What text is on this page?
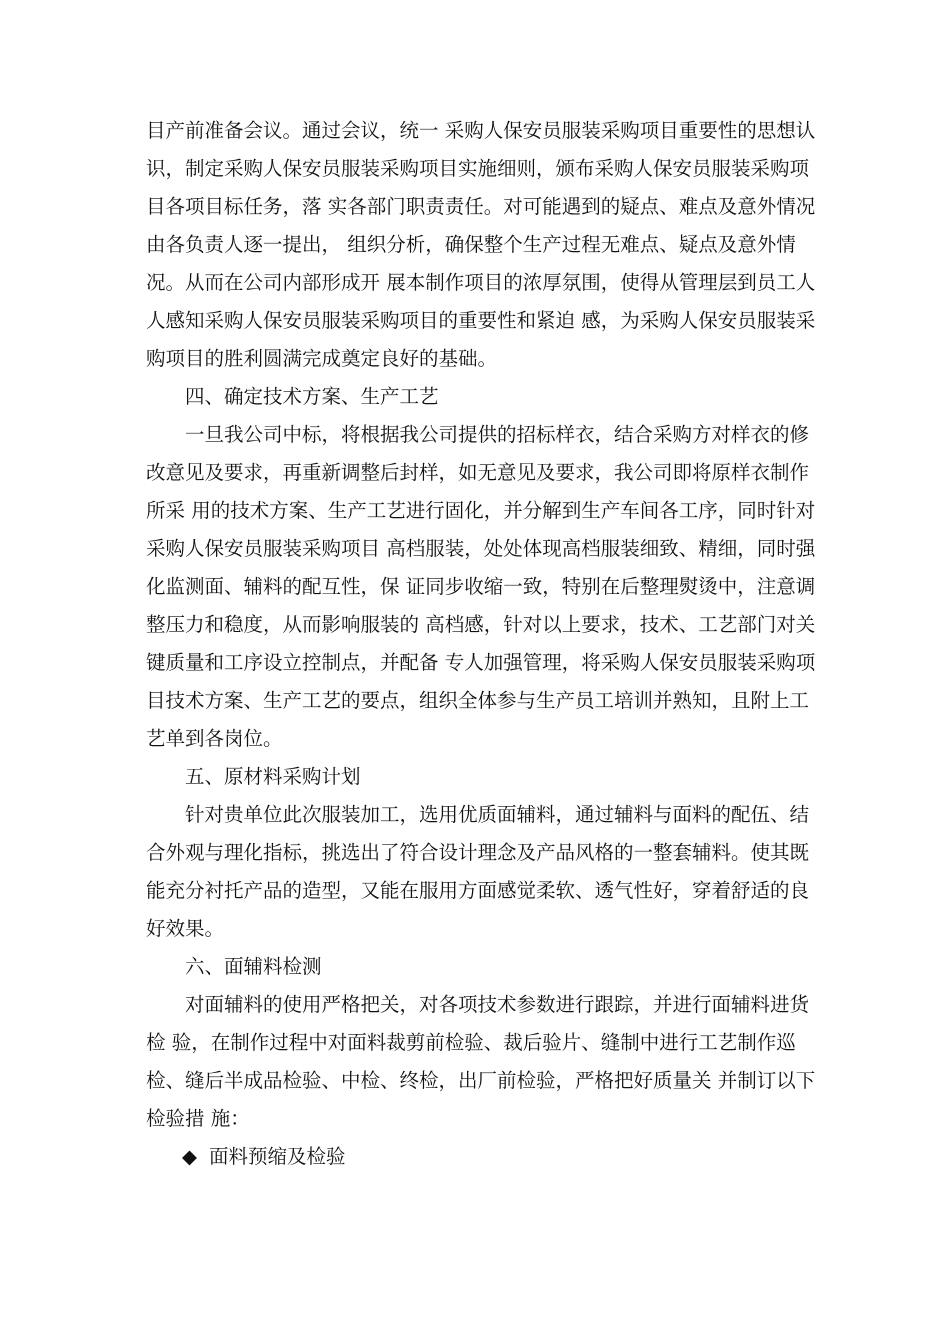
目产前准备会议。通过会议，统一 采购人保安员服装采购项目重要性的思想认
识，制定采购人保安员服装采购项目实施细则，颁布采购人保安员服装采购项
目各项目标任务，落 实各部门职责责任。对可能遇到的疑点、难点及意外情况
由各负责人逐一提出， 组织分析，确保整个生产过程无难点、疑点及意外情
况。从而在公司内部形成开 展本制作项目的浓厚氛围，使得从管理层到员工人
人感知采购人保安员服装采购项目的重要性和紧迫 感，为采购人保安员服装采
购项目的胜利圆满完成奠定良好的基础。
四、确定技术方案、生产工艺
一旦我公司中标，将根据我公司提供的招标样衣，结合采购方对样衣的修
改意见及要求，再重新调整后封样，如无意见及要求，我公司即将原样衣制作
所采 用的技术方案、生产工艺进行固化，并分解到生产车间各工序，同时针对
采购人保安员服装采购项目 高档服装，处处体现高档服装细致、精细，同时强
化监测面、辅料的配互性，保 证同步收缩一致，特别在后整理熨烫中，注意调
整压力和稳度，从而影响服装的 高档感，针对以上要求，技术、工艺部门对关
键质量和工序设立控制点，并配备 专人加强管理，将采购人保安员服装采购项
目技术方案、生产工艺的要点，组织全体参与生产员工培训并熟知，且附上工
艺单到各岗位。
五、原材料采购计划
针对贵单位此次服装加工，选用优质面辅料，通过辅料与面料的配伍、结
合外观与理化指标，挑选出了符合设计理念及产品风格的一整套辅料。使其既
能充分衬托产品的造型，又能在服用方面感觉柔软、透气性好，穿着舒适的良
好效果。
六、面辅料检测
对面辅料的使用严格把关，对各项技术参数进行跟踪，并进行面辅料进货
检 验，在制作过程中对面料裁剪前检验、裁后验片、缝制中进行工艺制作巡
检、缝后半成品检验、中检、终检，出厂前检验，严格把好质量关 并制订以下
检验措 施：
◆ 面料预缩及检验
